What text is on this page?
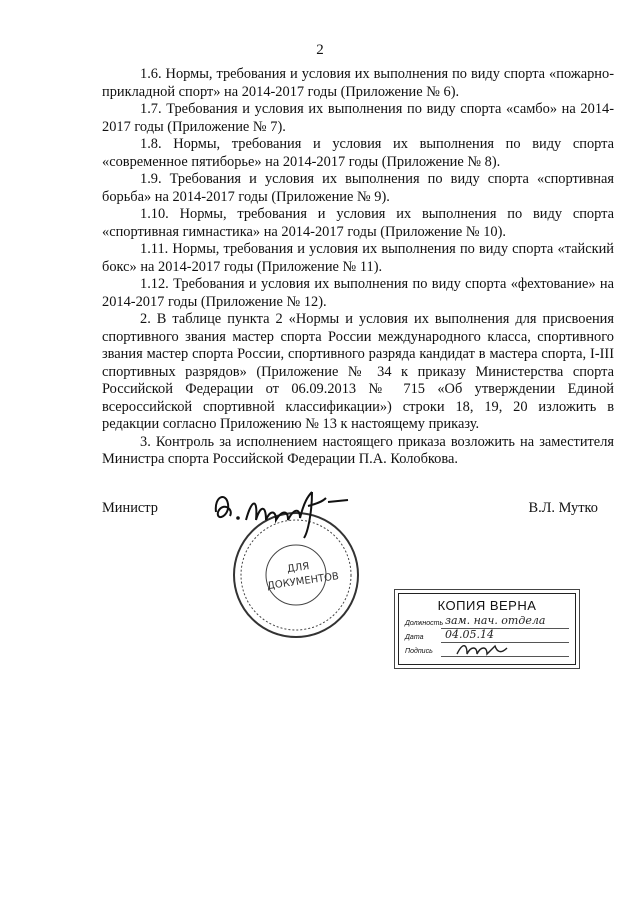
2

1.6. Нормы, требования и условия их выполнения по виду спорта «пожарно-прикладной спорт» на 2014-2017 годы (Приложение № 6).

1.7. Требования и условия их выполнения по виду спорта «самбо» на 2014-2017 годы (Приложение № 7).

1.8. Нормы, требования и условия их выполнения по виду спорта «современное пятиборье» на 2014-2017 годы (Приложение № 8).

1.9. Требования и условия их выполнения по виду спорта «спортивная борьба» на 2014-2017 годы (Приложение № 9).

1.10. Нормы, требования и условия их выполнения по виду спорта «спортивная гимнастика» на 2014-2017 годы (Приложение № 10).

1.11. Нормы, требования и условия их выполнения по виду спорта «тайский бокс» на 2014-2017 годы (Приложение № 11).

1.12. Требования и условия их выполнения по виду спорта «фехтование» на 2014-2017 годы (Приложение № 12).

2. В таблице пункта 2 «Нормы и условия их выполнения для присвоения спортивного звания мастер спорта России международного класса, спортивного звания мастер спорта России, спортивного разряда кандидат в мастера спорта, I-III спортивных разрядов» (Приложение № 34 к приказу Министерства спорта Российской Федерации от 06.09.2013 № 715 «Об утверждении Единой всероссийской спортивной классификации») строки 18, 19, 20 изложить в редакции согласно Приложению № 13 к настоящему приказу.

3. Контроль за исполнением настоящего приказа возложить на заместителя Министра спорта Российской Федерации П.А. Колобкова.

Министр	В.Л. Мутко
ДЛЯ
ДОКУМЕНТОВ
КОПИЯ ВЕРНА
Должность зам. нач. отдела
Дата 04.05.14
Подпись
